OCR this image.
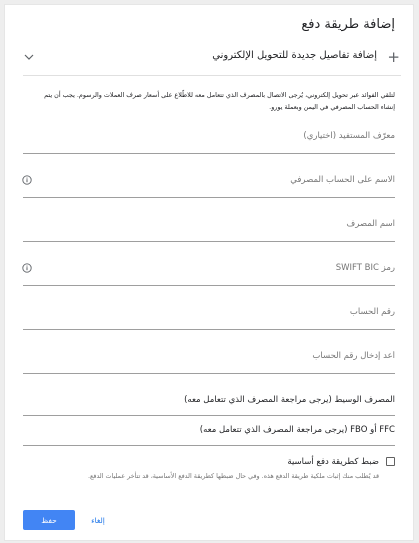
إضافة طريقة دفع
+
إضافة تفاصيل جديدة للتحويل الإلكتروني
لتلقي الفوائد عبر تحويل إلكتروني، يُرجى الاتصال بالمصرف الذي تتعامل معه للاطّلاع على أسعار صرف العملات والرسوم. يجب أن يتم
إنشاء الحساب المصرفي في اليمن وبعملة يورو.
معرّف المستفيد (اختياري)
الاسم على الحساب المصرفي
اسم المصرف
رمز SWIFT BIC
رقم الحساب
أعد إدخال رقم الحساب
المصرف الوسيط (يرجى مراجعة المصرف الذي تتعامل معه)
FFC أو FBO (يرجى مراجعة المصرف الذي تتعامل معه)
ضبط كطريقة دفع أساسية
قد يُطلب منك إثبات ملكية طريقة الدفع هذه. وفي حال ضبطها كطريقة الدفع الأساسية، قد تتأخر عمليات الدفع.
حفظ	إلغاء
